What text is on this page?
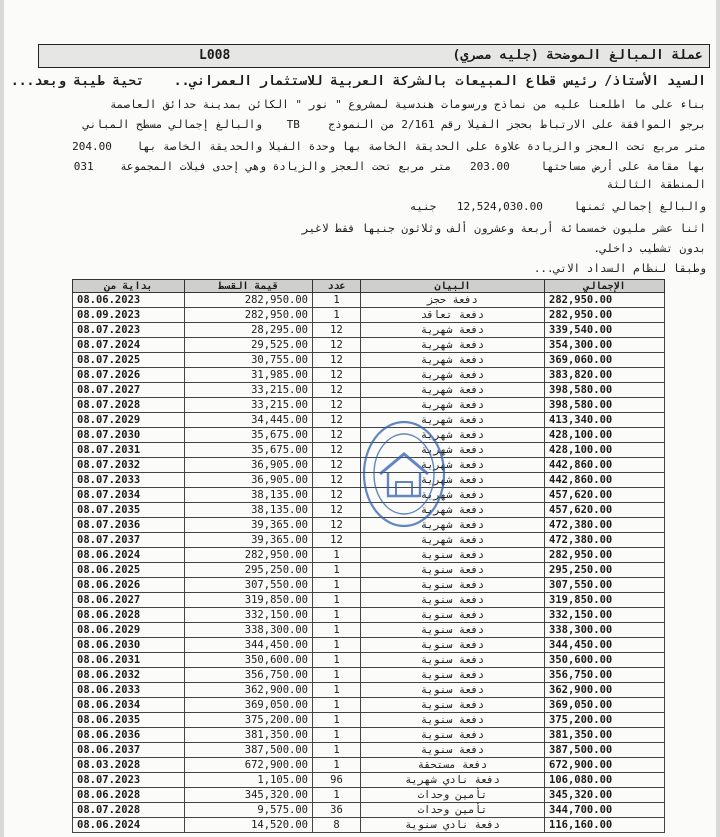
عملة المبالغ الموضحة (جليه مصري)
L008
السيد الأستاذ/ رئيس قطاع المبيعات بالشركة العربية للاستثمار العمراني.. تحية طيبة وبعد...
بناء على ما اطلعنا عليه من نماذج ورسومات هندسية لمشروع " نور " الكائن بمدينة حدائق العاصمة
برجو الموافقة على الارتباط بحجز الفيلا رقم 2/161 من النموذج TB والبالغ إجمالي مسطح المباني
متر مربع تحت العجز والزيادة علاوة على الحديقة الخاصة بها وحدة الفيلا والحديقة الخاصة بها 204.00
بها مقامة على أرض مساحتها 203.00 متر مربع تحت العجز والزيادة وهي إحدى فيلات المجموعة 031
المنطقة الثالثة
والبالغ إجمالي ثمنها 12,524,030.00 جنيه
اثنا عشر مليون خمسمائة أربعة وعشرون ألف وثلاثون جنيها فقط لاغير
بدون تشطيب داخلي.
وطبقا لنظام السداد الاتي...
الإجمالي	البيان	عدد	قيمة القسط	بداية من
282,950.00	دفعة حجز	1	282,950.00	08.06.2023
282,950.00	دفعة تعاقد	1	282,950.00	08.09.2023
339,540.00	دفعة شهرية	12	28,295.00	08.07.2023
354,300.00	دفعة شهرية	12	29,525.00	08.07.2024
369,060.00	دفعة شهرية	12	30,755.00	08.07.2025
383,820.00	دفعة شهرية	12	31,985.00	08.07.2026
398,580.00	دفعة شهرية	12	33,215.00	08.07.2027
398,580.00	دفعة شهرية	12	33,215.00	08.07.2028
413,340.00	دفعة شهرية	12	34,445.00	08.07.2029
428,100.00	دفعة شهرية	12	35,675.00	08.07.2030
428,100.00	دفعة شهرية	12	35,675.00	08.07.2031
442,860.00	دفعة شهرية	12	36,905.00	08.07.2032
442,860.00	دفعة شهرية	12	36,905.00	08.07.2033
457,620.00	دفعة شهرية	12	38,135.00	08.07.2034
457,620.00	دفعة شهرية	12	38,135.00	08.07.2035
472,380.00	دفعة شهرية	12	39,365.00	08.07.2036
472,380.00	دفعة شهرية	12	39,365.00	08.07.2037
282,950.00	دفعة سنوية	1	282,950.00	08.06.2024
295,250.00	دفعة سنوية	1	295,250.00	08.06.2025
307,550.00	دفعة سنوية	1	307,550.00	08.06.2026
319,850.00	دفعة سنوية	1	319,850.00	08.06.2027
332,150.00	دفعة سنوية	1	332,150.00	08.06.2028
338,300.00	دفعة سنوية	1	338,300.00	08.06.2029
344,450.00	دفعة سنوية	1	344,450.00	08.06.2030
350,600.00	دفعة سنوية	1	350,600.00	08.06.2031
356,750.00	دفعة سنوية	1	356,750.00	08.06.2032
362,900.00	دفعة سنوية	1	362,900.00	08.06.2033
369,050.00	دفعة سنوية	1	369,050.00	08.06.2034
375,200.00	دفعة سنوية	1	375,200.00	08.06.2035
381,350.00	دفعة سنوية	1	381,350.00	08.06.2036
387,500.00	دفعة سنوية	1	387,500.00	08.06.2037
672,900.00	دفعة مستحقة	1	672,900.00	08.03.2028
106,080.00	دفعة نادي شهرية	96	1,105.00	08.07.2023
345,320.00	تأمين وحدات	1	345,320.00	08.06.2028
344,700.00	تأمين وحدات	36	9,575.00	08.07.2028
116,160.00	دفعة نادي سنوية	8	14,520.00	08.06.2024
